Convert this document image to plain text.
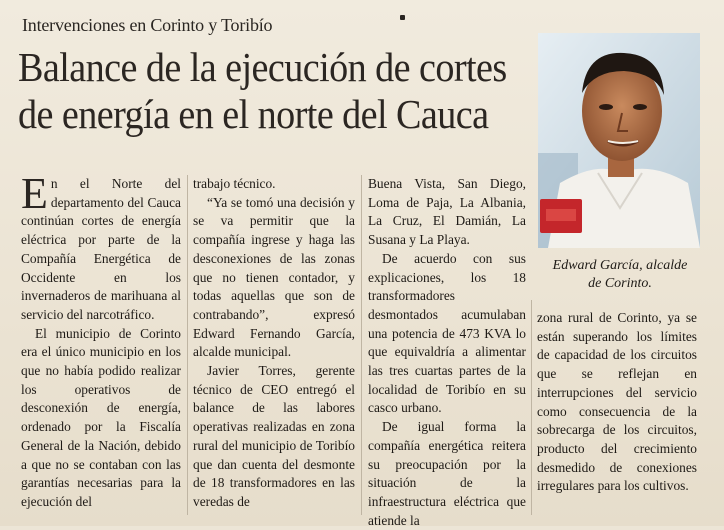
Intervenciones en Corinto y Toribío
Balance de la ejecución de cortes
de energía en el norte del Cauca
Edward García, alcalde
de Corinto.

En el Norte del departamento del Cauca continúan cortes de energía eléctrica por parte de la Compañía Energética de Occidente en los invernaderos de marihuana al servicio del narcotráfico.

El municipio de Corinto era el único municipio en los que no había podido realizar los operativos de desconexión de energía, ordenado por la Fiscalía General de la Nación, debido a que no se contaban con las garantías necesarias para la ejecución del

trabajo técnico.

“Ya se tomó una decisión y se va permitir que la compañía ingrese y haga las desconexiones de las zonas que no tienen contador, y todas aquellas que son de contrabando”, expresó Edward Fernando García, alcalde municipal.

Javier Torres, gerente técnico de CEO entregó el balance de las labores operativas realizadas en zona rural del municipio de Toribío que dan cuenta del desmonte de 18 transformadores en las veredas de

Buena Vista, San Diego, Loma de Paja, La Albania, La Cruz, El Damián, La Susana y La Playa.

De acuerdo con sus explicaciones, los 18 transformadores desmontados acumulaban una potencia de 473 KVA lo que equivaldría a alimentar las tres cuartas partes de la localidad de Toribío en su casco urbano.

De igual forma la compañía energética reitera su preocupación por la situación de la infraestructura eléctrica que atiende la

zona rural de Corinto, ya se están superando los límites de capacidad de los circuitos que se reflejan en interrupciones del servicio como consecuencia de la sobrecarga de los circuitos, producto del crecimiento desmedido de conexiones irregulares para los cultivos.
